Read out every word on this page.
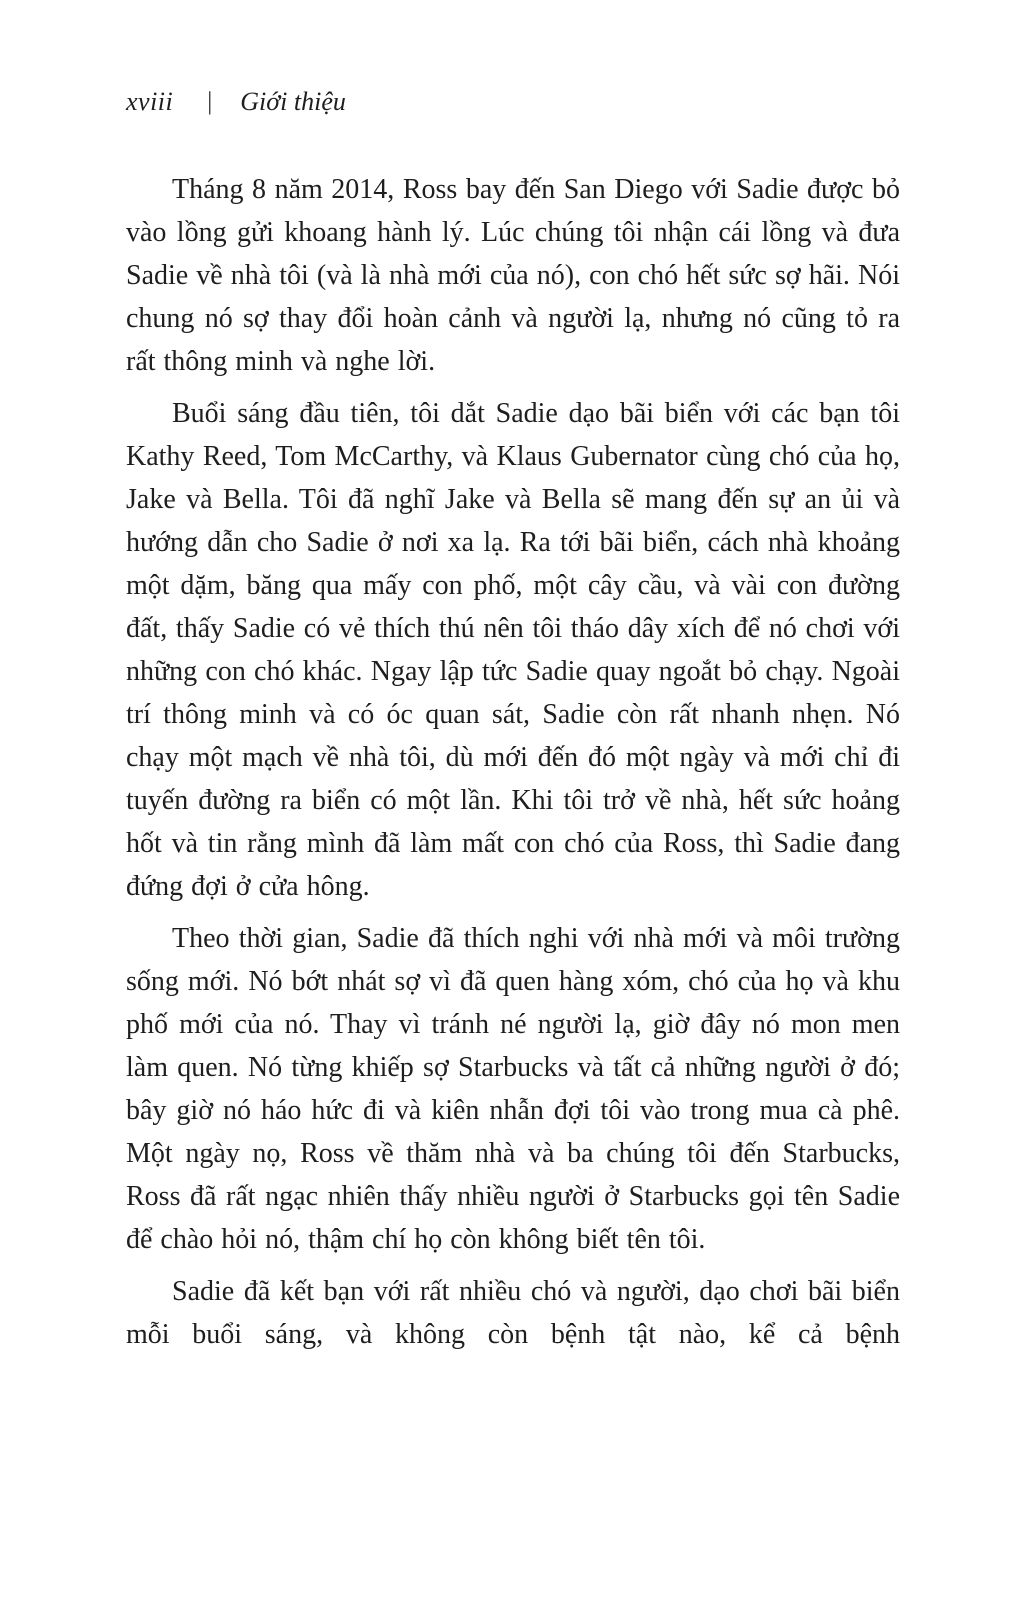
xviii | Giới thiệu

Tháng 8 năm 2014, Ross bay đến San Diego với Sadie được bỏ vào lồng gửi khoang hành lý. Lúc chúng tôi nhận cái lồng và đưa Sadie về nhà tôi (và là nhà mới của nó), con chó hết sức sợ hãi. Nói chung nó sợ thay đổi hoàn cảnh và người lạ, nhưng nó cũng tỏ ra rất thông minh và nghe lời.

Buổi sáng đầu tiên, tôi dắt Sadie dạo bãi biển với các bạn tôi Kathy Reed, Tom McCarthy, và Klaus Gubernator cùng chó của họ, Jake và Bella. Tôi đã nghĩ Jake và Bella sẽ mang đến sự an ủi và hướng dẫn cho Sadie ở nơi xa lạ. Ra tới bãi biển, cách nhà khoảng một dặm, băng qua mấy con phố, một cây cầu, và vài con đường đất, thấy Sadie có vẻ thích thú nên tôi tháo dây xích để nó chơi với những con chó khác. Ngay lập tức Sadie quay ngoắt bỏ chạy. Ngoài trí thông minh và có óc quan sát, Sadie còn rất nhanh nhẹn. Nó chạy một mạch về nhà tôi, dù mới đến đó một ngày và mới chỉ đi tuyến đường ra biển có một lần. Khi tôi trở về nhà, hết sức hoảng hốt và tin rằng mình đã làm mất con chó của Ross, thì Sadie đang đứng đợi ở cửa hông.

Theo thời gian, Sadie đã thích nghi với nhà mới và môi trường sống mới. Nó bớt nhát sợ vì đã quen hàng xóm, chó của họ và khu phố mới của nó. Thay vì tránh né người lạ, giờ đây nó mon men làm quen. Nó từng khiếp sợ Starbucks và tất cả những người ở đó; bây giờ nó háo hức đi và kiên nhẫn đợi tôi vào trong mua cà phê. Một ngày nọ, Ross về thăm nhà và ba chúng tôi đến Starbucks, Ross đã rất ngạc nhiên thấy nhiều người ở Starbucks gọi tên Sadie để chào hỏi nó, thậm chí họ còn không biết tên tôi.

Sadie đã kết bạn với rất nhiều chó và người, dạo chơi bãi biển mỗi buổi sáng, và không còn bệnh tật nào, kể cả bệnh
